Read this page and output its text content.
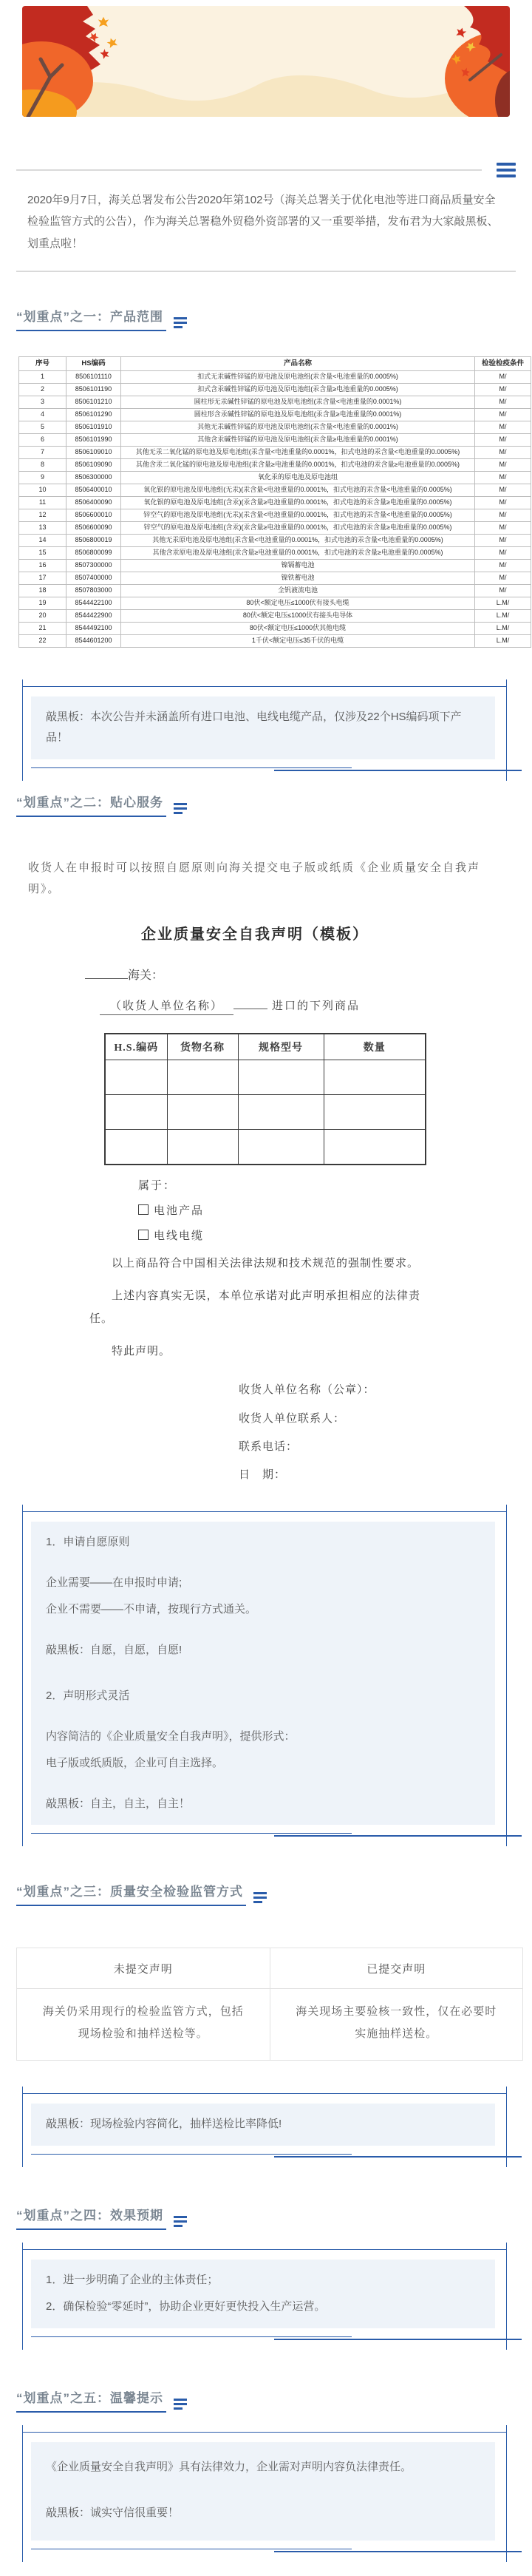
2020年9月7日，海关总署发布公告2020年第102号（海关总署关于优化电池等进口商品质量安全检验监管方式的公告），作为海关总署稳外贸稳外资部署的又一重要举措，发布君为大家敲黑板、划重点啦！

“划重点”之一：产品范围
序号	HS编码	产品名称	检验检疫条件
1	8506101110	扣式无汞碱性锌锰的原电池及原电池组(汞含量<电池重量的0.0005%)	M/
2	8506101190	扣式含汞碱性锌锰的原电池及原电池组(汞含量≥电池重量的0.0005%)	M/
3	8506101210	圆柱形无汞碱性锌锰的原电池及原电池组(汞含量<电池重量的0.0001%)	M/
4	8506101290	圆柱形含汞碱性锌锰的原电池及原电池组(汞含量≥电池重量的0.0001%)	M/
5	8506101910	其他无汞碱性锌锰的原电池及原电池组(汞含量<电池重量的0.0001%)	M/
6	8506101990	其他含汞碱性锌锰的原电池及原电池组(汞含量≥电池重量的0.0001%)	M/
7	8506109010	其他无汞二氧化锰的原电池及原电池组(汞含量<电池重量的0.0001%，扣式电池的汞含量<电池重量的0.0005%)	M/
8	8506109090	其他含汞二氧化锰的原电池及原电池组(汞含量≥电池重量的0.0001%，扣式电池的汞含量≥电池重量的0.0005%)	M/
9	8506300000	氧化汞的原电池及原电池组	M/
10	8506400010	氧化银的原电池及原电池组(无汞)(汞含量<电池重量的0.0001%，扣式电池的汞含量<电池重量的0.0005%)	M/
11	8506400090	氧化银的原电池及原电池组(含汞)(汞含量≥电池重量的0.0001%，扣式电池的汞含量≥电池重量的0.0005%)	M/
12	8506600010	锌空气的原电池及原电池组(无汞)(汞含量<电池重量的0.0001%，扣式电池的汞含量<电池重量的0.0005%)	M/
13	8506600090	锌空气的原电池及原电池组(含汞)(汞含量≥电池重量的0.0001%，扣式电池的汞含量≥电池重量的0.0005%)	M/
14	8506800019	其他无汞原电池及原电池组(汞含量<电池重量的0.0001%，扣式电池的汞含量<电池重量的0.0005%)	M/
15	8506800099	其他含汞原电池及原电池组(汞含量≥电池重量的0.0001%，扣式电池的汞含量≥电池重量的0.0005%)	M/
16	8507300000	镍镉蓄电池	M/
17	8507400000	镍铁蓄电池	M/
18	8507803000	全钒液流电池	M/
19	8544422100	80伏<额定电压≤1000伏有接头电缆	L.M/
20	8544422900	80伏<额定电压≤1000伏有接头电导体	L.M/
21	8544492100	80伏<额定电压≤1000伏其他电缆	L.M/
22	8544601200	1千伏<额定电压≤35千伏的电缆	L.M/

敲黑板：本次公告并未涵盖所有进口电池、电线电缆产品，仅涉及22个HS编码项下产品！

“划重点”之二：贴心服务

收货人在申报时可以按照自愿原则向海关提交电子版或纸质《企业质量安全自我声明》。

企业质量安全自我声明（模板）
海关：
（收货人单位名称）	进口的下列商品
H.S.编码	货物名称	规格型号	数量

属于：
电池产品
电线电缆

以上商品符合中国相关法律法规和技术规范的强制性要求。

上述内容真实无误，本单位承诺对此声明承担相应的法律责任。

特此声明。

收货人单位名称（公章）：
收货人单位联系人：
联系电话：
日　期：

1．申请自愿原则

企业需要——在申报时申请;

企业不需要——不申请，按现行方式通关。

敲黑板：自愿，自愿，自愿!

2．声明形式灵活

内容简洁的《企业质量安全自我声明》，提供形式：

电子版或纸质版，企业可自主选择。

敲黑板：自主，自主，自主！

“划重点”之三：质量安全检验监管方式
未提交声明	已提交声明
海关仍采用现行的检验监管方式，包括现场检验和抽样送检等。	海关现场主要验核一致性，仅在必要时实施抽样送检。

敲黑板：现场检验内容简化，抽样送检比率降低!

“划重点”之四：效果预期

1．进一步明确了企业的主体责任；

2．确保检验“零延时”，协助企业更好更快投入生产运营。

“划重点”之五：温馨提示

《企业质量安全自我声明》具有法律效力，企业需对声明内容负法律责任。

敲黑板：诚实守信很重要！
